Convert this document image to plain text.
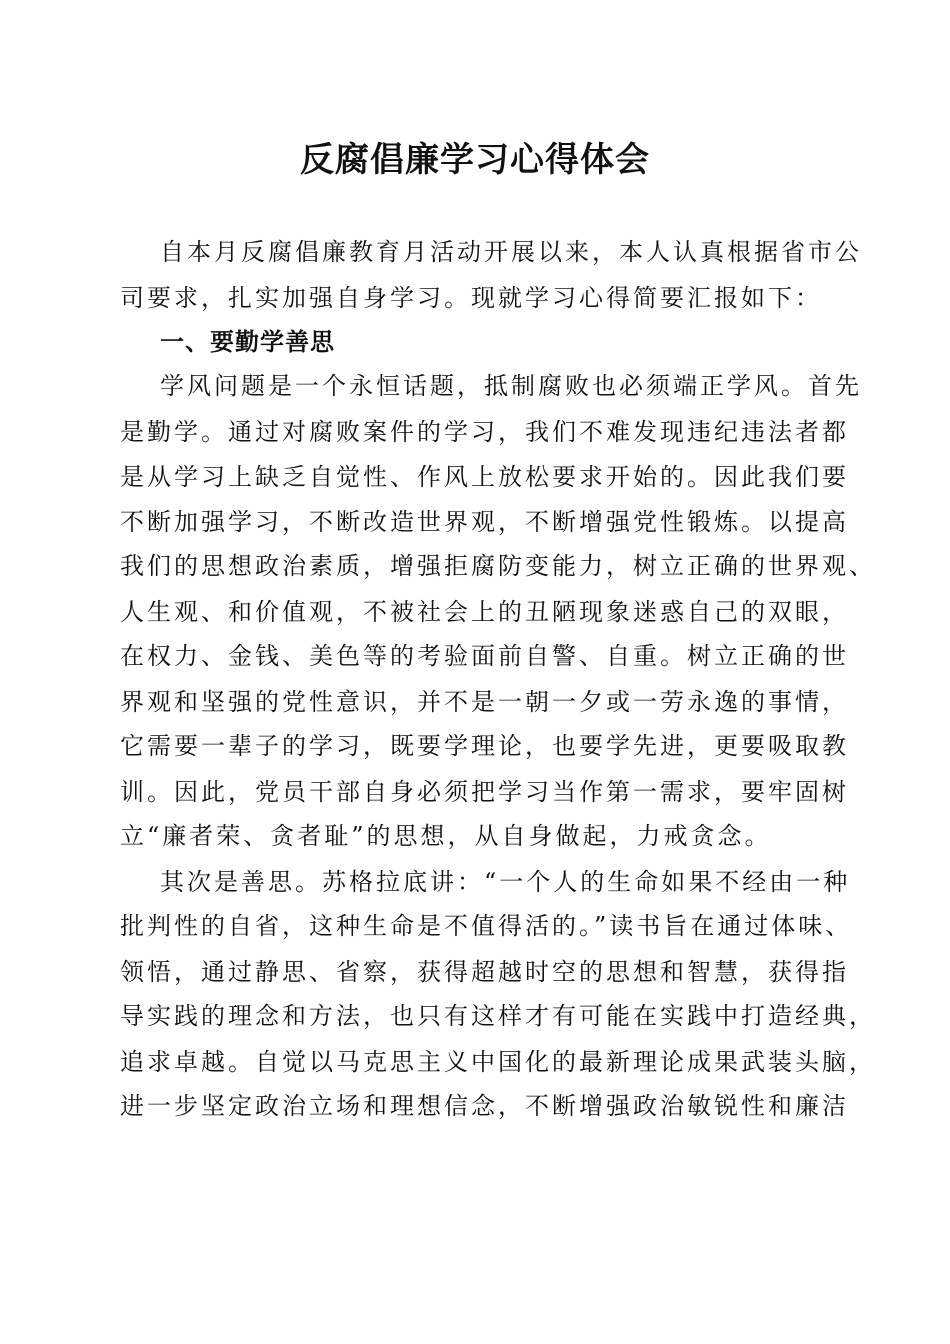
反腐倡廉学习心得体会

自本月反腐倡廉教育月活动开展以来，本人认真根据省市公

司要求，扎实加强自身学习。现就学习心得简要汇报如下：

一、要勤学善思

学风问题是一个永恒话题，抵制腐败也必须端正学风。首先

是勤学。通过对腐败案件的学习，我们不难发现违纪违法者都

是从学习上缺乏自觉性、作风上放松要求开始的。因此我们要

不断加强学习，不断改造世界观，不断增强党性锻炼。以提高

我们的思想政治素质，增强拒腐防变能力，树立正确的世界观、

人生观、和价值观，不被社会上的丑陋现象迷惑自己的双眼，

在权力、金钱、美色等的考验面前自警、自重。树立正确的世

界观和坚强的党性意识，并不是一朝一夕或一劳永逸的事情，

它需要一辈子的学习，既要学理论，也要学先进，更要吸取教

训。因此，党员干部自身必须把学习当作第一需求，要牢固树

立“廉者荣、贪者耻”的思想，从自身做起，力戒贪念。

其次是善思。苏格拉底讲：“一个人的生命如果不经由一种

批判性的自省，这种生命是不值得活的。”读书旨在通过体味、

领悟，通过静思、省察，获得超越时空的思想和智慧，获得指

导实践的理念和方法，也只有这样才有可能在实践中打造经典，

追求卓越。自觉以马克思主义中国化的最新理论成果武装头脑，

进一步坚定政治立场和理想信念，不断增强政治敏锐性和廉洁
